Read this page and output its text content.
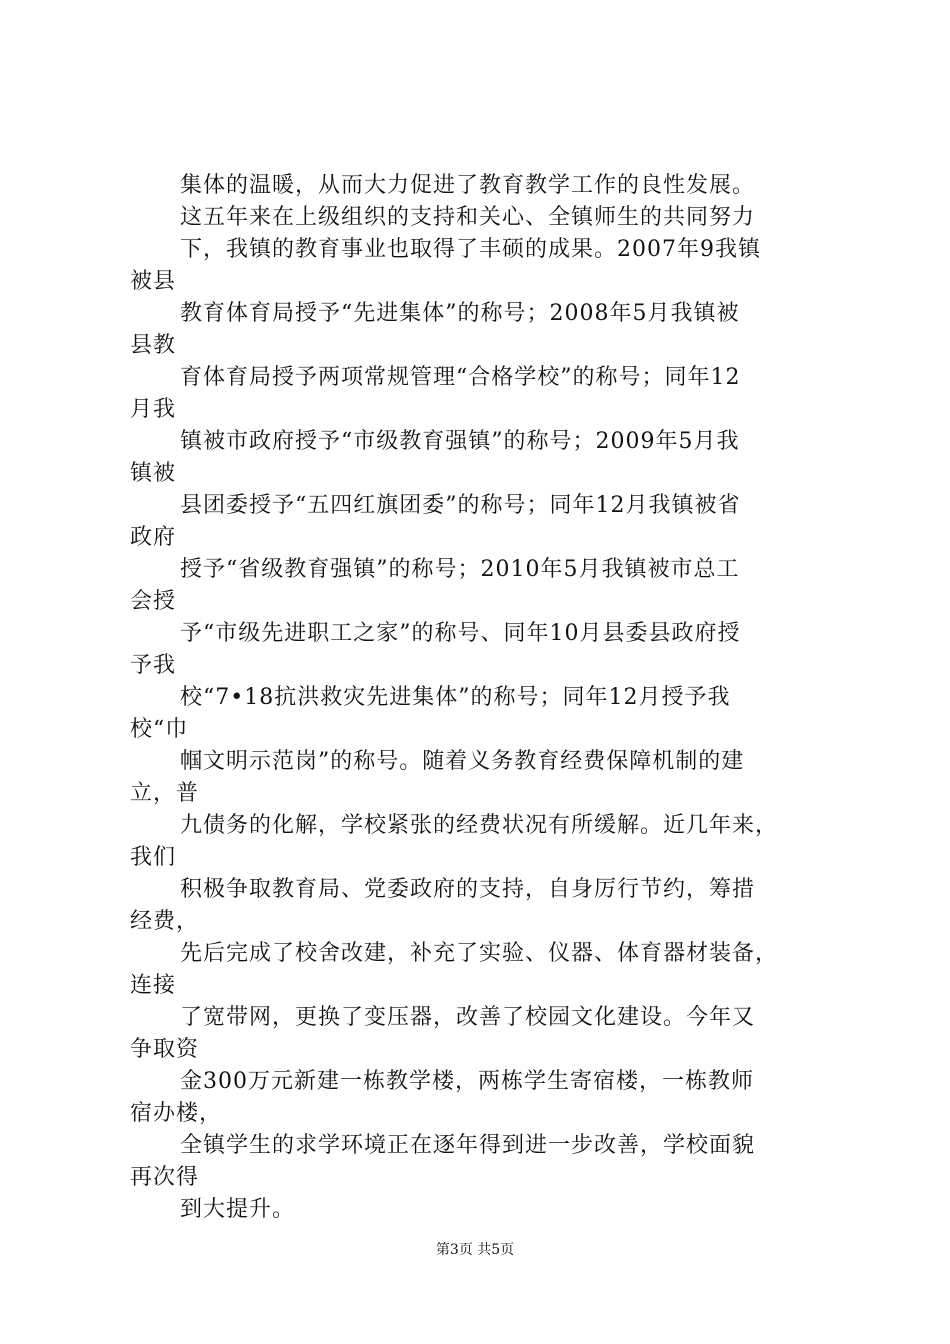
集体的温暖，从而大力促进了教育教学工作的良性发展。
这五年来在上级组织的支持和关心、全镇师生的共同努力
下，我镇的教育事业也取得了丰硕的成果。2007年9我镇
被县
教育体育局授予“先进集体”的称号；2008年5月我镇被
县教
育体育局授予两项常规管理“合格学校”的称号；同年12
月我
镇被市政府授予“市级教育强镇”的称号；2009年5月我
镇被
县团委授予“五四红旗团委”的称号；同年12月我镇被省
政府
授予“省级教育强镇”的称号；2010年5月我镇被市总工
会授
予“市级先进职工之家”的称号、同年10月县委县政府授
予我
校“7•18抗洪救灾先进集体”的称号；同年12月授予我
校“巾
帼文明示范岗”的称号。随着义务教育经费保障机制的建
立，普
九债务的化解，学校紧张的经费状况有所缓解。近几年来，
我们
积极争取教育局、党委政府的支持，自身厉行节约，筹措
经费，
先后完成了校舍改建，补充了实验、仪器、体育器材装备，
连接
了宽带网，更换了变压器，改善了校园文化建设。今年又
争取资
金300万元新建一栋教学楼，两栋学生寄宿楼，一栋教师
宿办楼，
全镇学生的求学环境正在逐年得到进一步改善，学校面貌
再次得
到大提升。
第3页 共5页
